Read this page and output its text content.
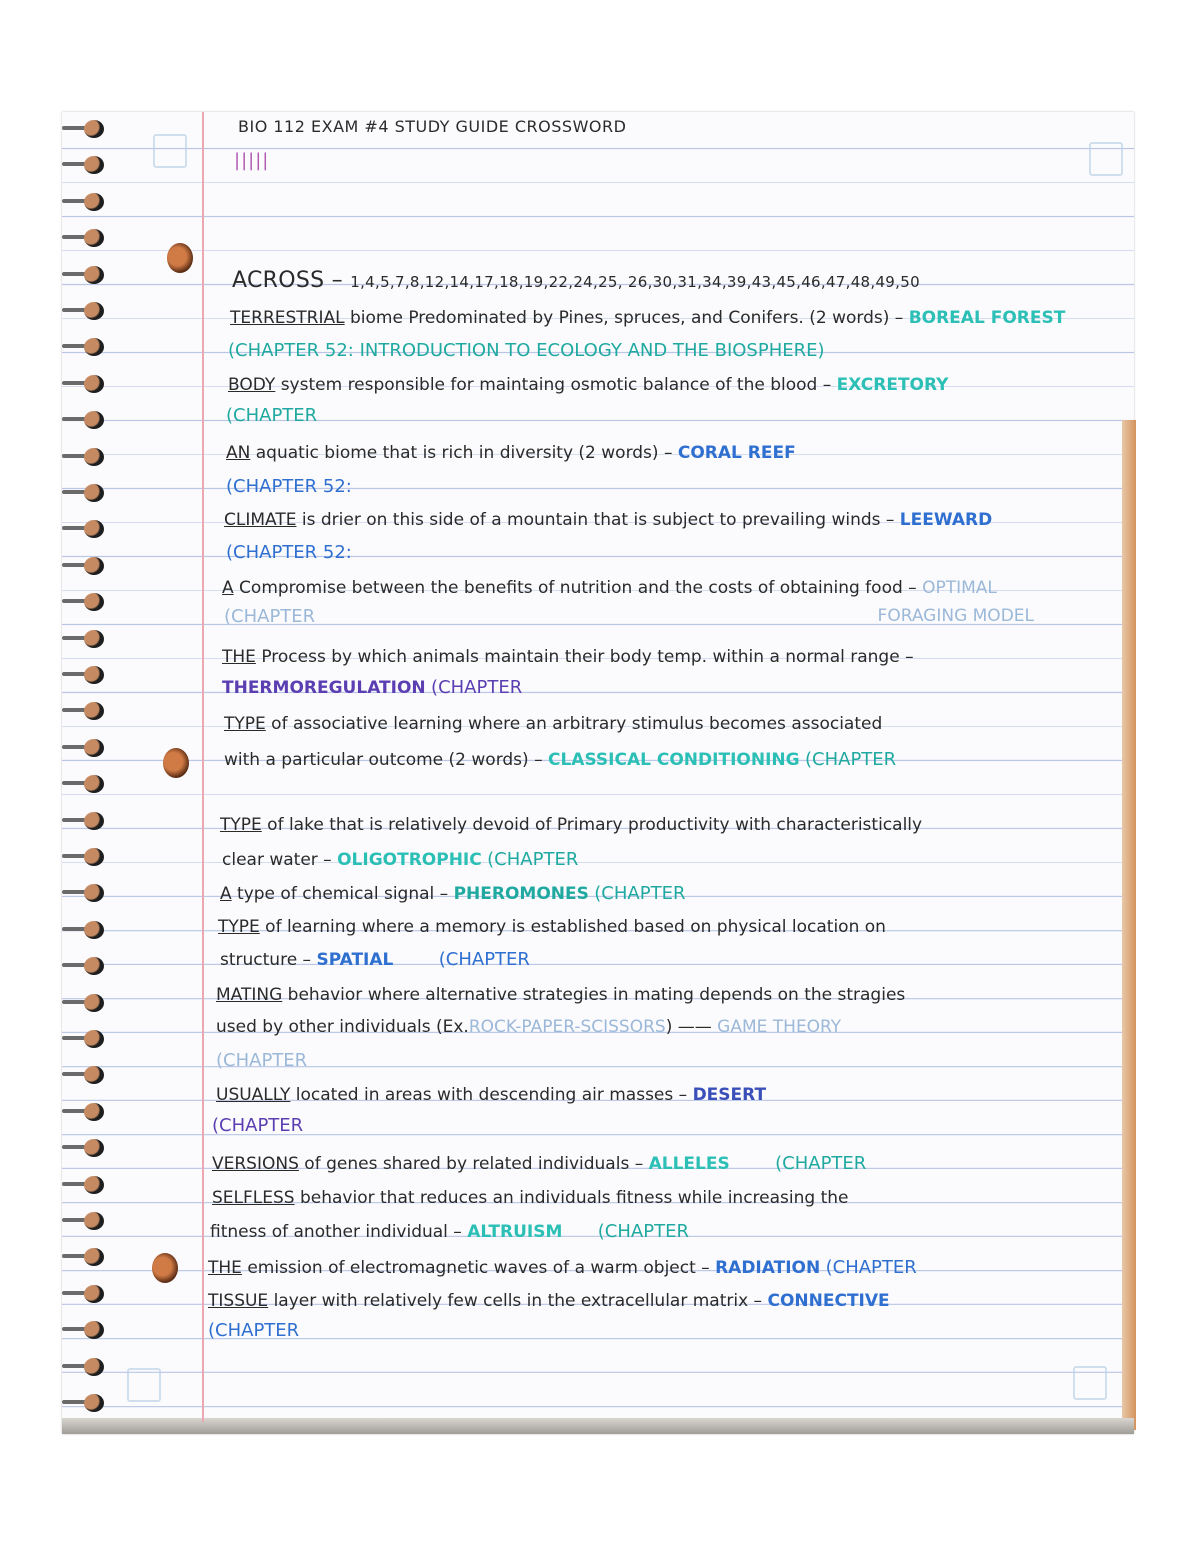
BIO 112 EXAM #4 STUDY GUIDE CROSSWORD
|||||
ACROSS – 1,4,5,7,8,12,14,17,18,19,22,24,25, 26,30,31,34,39,43,45,46,47,48,49,50
TERRESTRIAL biome Predominated by Pines, spruces, and Conifers. (2 words) – BOREAL FOREST
(CHAPTER 52: INTRODUCTION TO ECOLOGY AND THE BIOSPHERE)
BODY system responsible for maintaing osmotic balance of the blood – EXCRETORY
(CHAPTER
AN aquatic biome that is rich in diversity (2 words) – CORAL REEF
(CHAPTER 52:
CLIMATE is drier on this side of a mountain that is subject to prevailing winds – LEEWARD
(CHAPTER 52:
A Compromise between the benefits of nutrition and the costs of obtaining food – OPTIMAL
(CHAPTER	FORAGING MODEL
THE Process by which animals maintain their body temp. within a normal range –
THERMOREGULATION (CHAPTER
TYPE of associative learning where an arbitrary stimulus becomes associated
with a particular outcome (2 words) – CLASSICAL CONDITIONING (CHAPTER
TYPE of lake that is relatively devoid of Primary productivity with characteristically
clear water – OLIGOTROPHIC (CHAPTER
A type of chemical signal – PHEROMONES (CHAPTER
TYPE of learning where a memory is established based on physical location on
structure – SPATIAL	(CHAPTER
MATING behavior where alternative strategies in mating depends on the stragies
used by other individuals (Ex.ROCK-PAPER-SCISSORS) —— GAME THEORY
(CHAPTER
USUALLY located in areas with descending air masses – DESERT
(CHAPTER
VERSIONS of genes shared by related individuals – ALLELES	(CHAPTER
SELFLESS behavior that reduces an individuals fitness while increasing the
fitness of another individual – ALTRUISM (CHAPTER
THE emission of electromagnetic waves of a warm object – RADIATION (CHAPTER
TISSUE layer with relatively few cells in the extracellular matrix – CONNECTIVE
(CHAPTER
